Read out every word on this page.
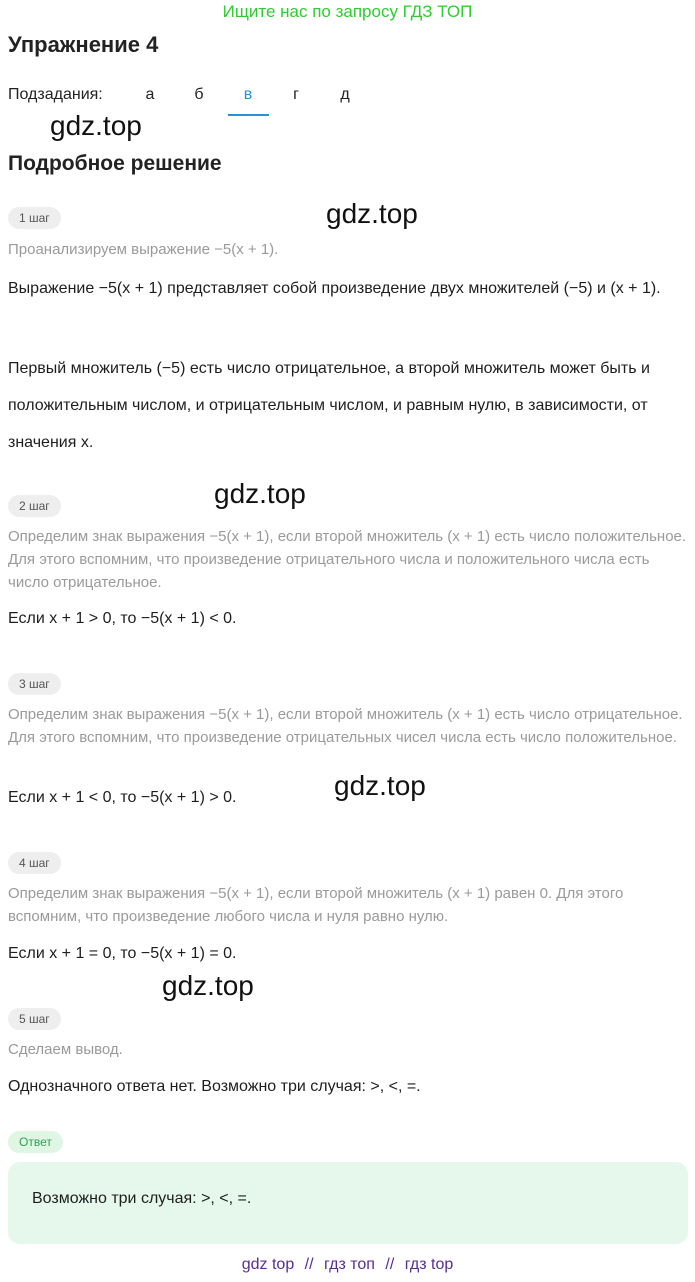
Ищите нас по запросу ГДЗ ТОП
Упражнение 4
Подзадания:	а	б	в	г	д
gdz.top
gdz.top
gdz.top
gdz.top
gdz.top
Подробное решение
1 шаг
Проанализируем выражение −5(x + 1).
Выражение −5(x + 1) представляет собой произведение двух множителей (−5) и (x + 1).
Первый множитель (−5) есть число отрицательное, а второй множитель может быть и положительным числом, и отрицательным числом, и равным нулю, в зависимости, от значения x.
2 шаг
Определим знак выражения −5(x + 1), если второй множитель (x + 1) есть число положительное. Для этого вспомним, что произведение отрицательного числа и положительного числа есть число отрицательное.
Если x + 1 > 0, то −5(x + 1) < 0.
3 шаг
Определим знак выражения −5(x + 1), если второй множитель (x + 1) есть число отрицательное. Для этого вспомним, что произведение отрицательных чисел числа есть число положительное.
Если x + 1 < 0, то −5(x + 1) > 0.
4 шаг
Определим знак выражения −5(x + 1), если второй множитель (x + 1) равен 0. Для этого вспомним, что произведение любого числа и нуля равно нулю.
Если x + 1 = 0, то −5(x + 1) = 0.
5 шаг
Сделаем вывод.
Однозначного ответа нет. Возможно три случая: >, <, =.
Ответ
Возможно три случая: >, <, =.
gdz top // гдз топ // гдз top
